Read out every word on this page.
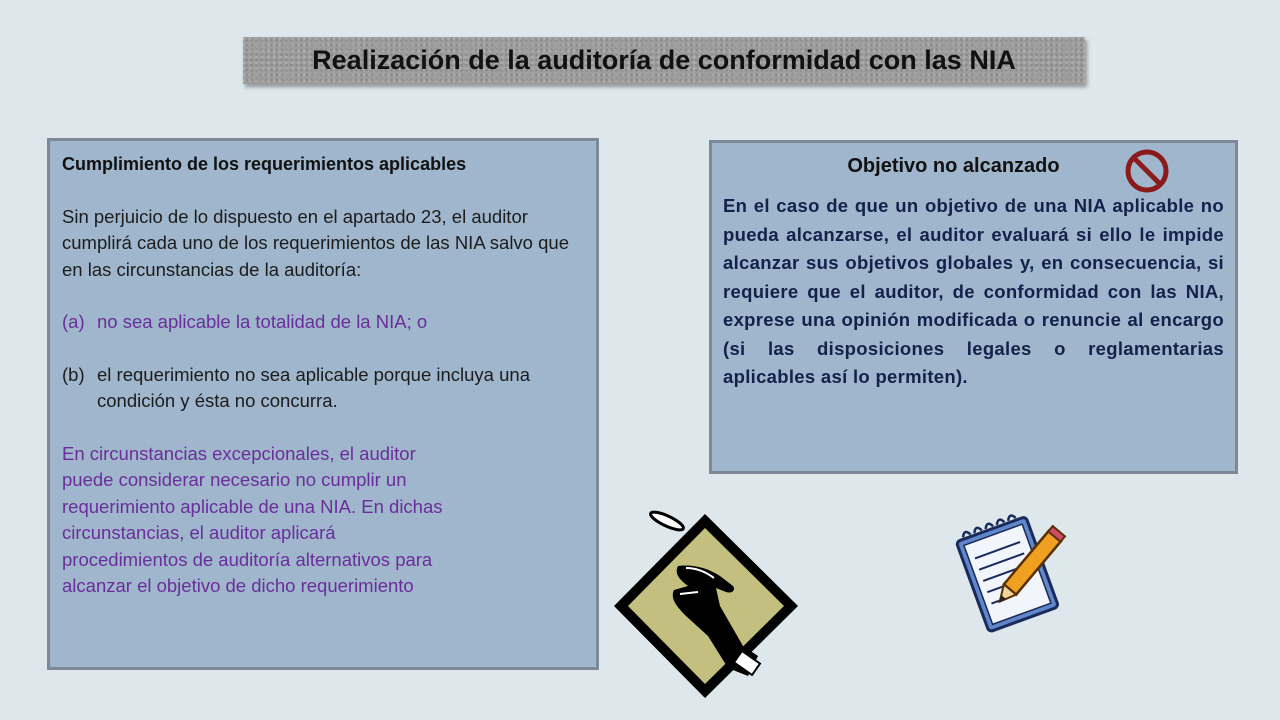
Realización de la auditoría de conformidad con las NIA

Cumplimiento de los requerimientos aplicables

Sin perjuicio de lo dispuesto en el apartado 23, el auditor cumplirá cada uno de los requerimientos de las NIA salvo que en las circunstancias de la auditoría:

(a) no sea aplicable la totalidad de la NIA; o
(b) el requerimiento no sea aplicable porque incluya una condición y ésta no concurra.
En circunstancias excepcionales, el auditor
puede considerar necesario no cumplir un
requerimiento aplicable de una NIA. En dichas
circunstancias, el auditor aplicará
procedimientos de auditoría alternativos para
alcanzar el objetivo de dicho requerimiento
Objetivo no alcanzado

En el caso de que un objetivo de una NIA aplicable no pueda alcanzarse, el auditor evaluará si ello le impide alcanzar sus objetivos globales y, en consecuencia, si requiere que el auditor, de conformidad con las NIA, exprese una opinión modificada o renuncie al encargo (si las disposiciones legales o reglamentarias aplicables así lo permiten).
